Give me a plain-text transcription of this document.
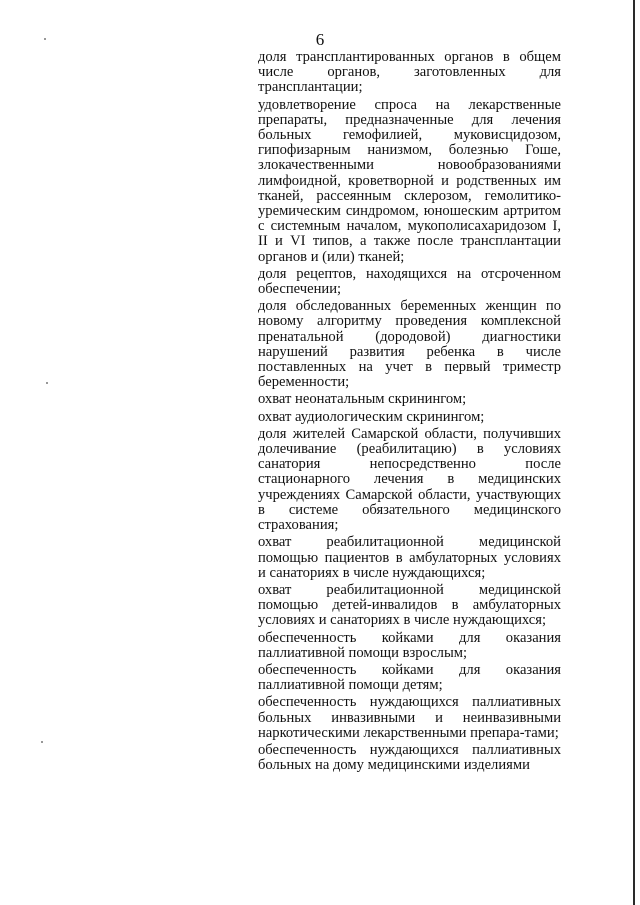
6

доля трансплантированных органов в общем числе органов, заготовленных для трансплантации;

удовлетворение спроса на лекарственные препараты, предназначенные для лечения больных гемофилией, муковисцидозом, гипофизарным нанизмом, болезнью Гоше, злокачественными новообразованиями лимфоидной, кроветворной и родственных им тканей, рассеянным склерозом, гемолитико-уремическим синдромом, юношеским артритом с системным началом, мукополисахаридозом I, II и VI типов, а также после трансплантации органов и (или) тканей;

доля рецептов, находящихся на отсроченном обеспечении;

доля обследованных беременных женщин по новому алгоритму проведения комплексной пренатальной (дородовой) диагностики нарушений развития ребенка в числе поставленных на учет в первый триместр беременности;

охват неонатальным скринингом;

охват аудиологическим скринингом;

доля жителей Самарской области, получивших долечивание (реабилитацию) в условиях санатория непосредственно после стационарного лечения в медицинских учреждениях Самарской области, участвующих в системе обязательного медицинского страхования;

охват реабилитационной медицинской помощью пациентов в амбулаторных условиях и санаториях в числе нуждающихся;

охват реабилитационной медицинской помощью детей-инвалидов в амбулаторных условиях и санаториях в числе нуждающихся;

обеспеченность койками для оказания паллиативной помощи взрослым;

обеспеченность койками для оказания паллиативной помощи детям;

обеспеченность нуждающихся паллиативных больных инвазивными и неинвазивными наркотическими лекарственными препара-тами;

обеспеченность нуждающихся паллиативных больных на дому медицинскими изделиями
